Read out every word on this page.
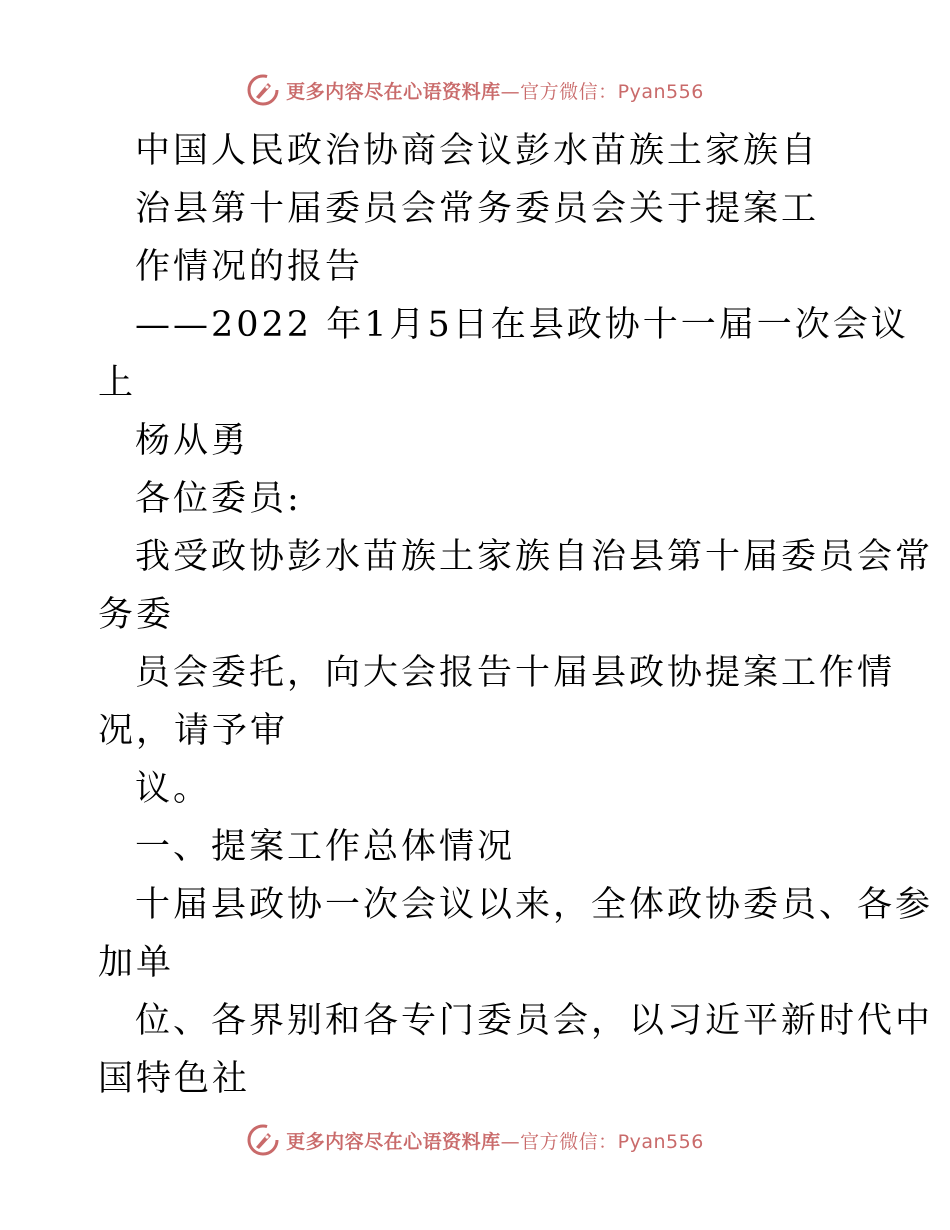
更多内容尽在心语资料库—官方微信：Pyan556
中国人民政治协商会议彭水苗族土家族自
治县第十届委员会常务委员会关于提案工
作情况的报告
——2022 年1月5日在县政协十一届一次会议
上
杨从勇
各位委员:
我受政协彭水苗族土家族自治县第十届委员会常
务委
员会委托，向大会报告十届县政协提案工作情
况，请予审
议。
一、提案工作总体情况
十届县政协一次会议以来，全体政协委员、各参
加单
位、各界别和各专门委员会，以习近平新时代中
国特色社
更多内容尽在心语资料库—官方微信：Pyan556
